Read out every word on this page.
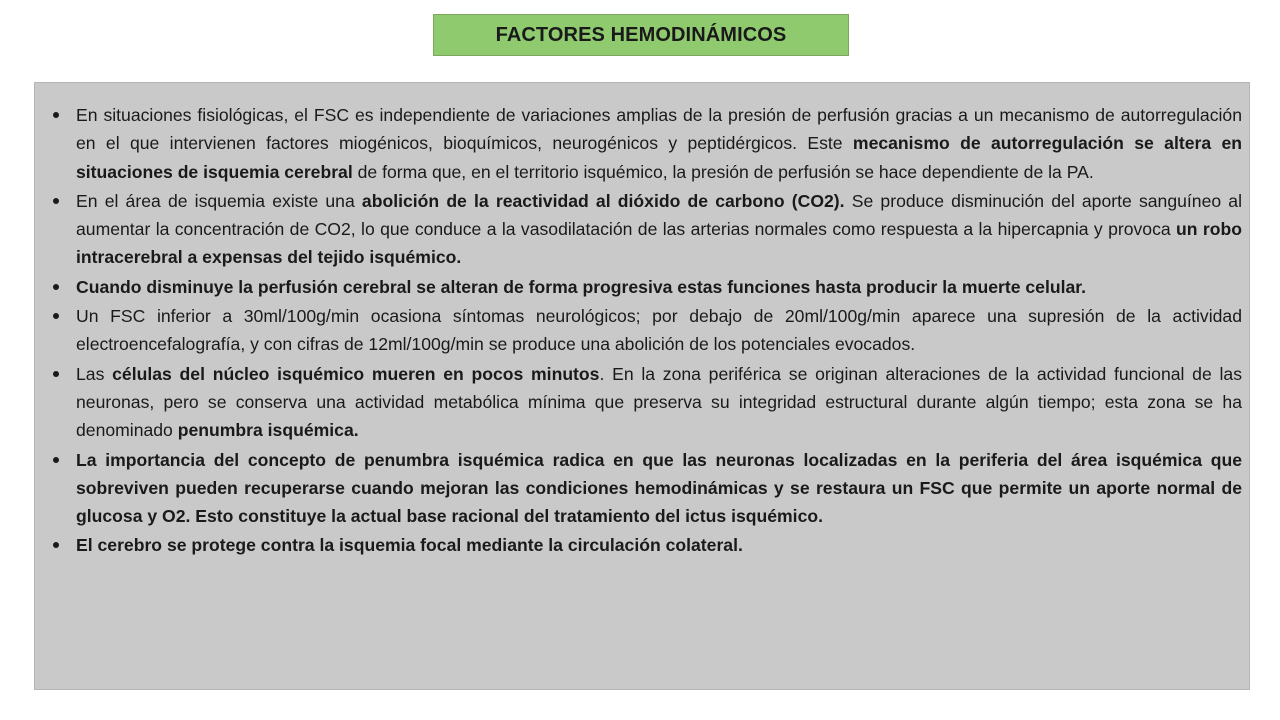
FACTORES HEMODINÁMICOS
En situaciones fisiológicas, el FSC es independiente de variaciones amplias de la presión de perfusión gracias a un mecanismo de autorregulación en el que intervienen factores miogénicos, bioquímicos, neurogénicos y peptidérgicos. Este mecanismo de autorregulación se altera en situaciones de isquemia cerebral de forma que, en el territorio isquémico, la presión de perfusión se hace dependiente de la PA.
En el área de isquemia existe una abolición de la reactividad al dióxido de carbono (CO2). Se produce disminución del aporte sanguíneo al aumentar la concentración de CO2, lo que conduce a la vasodilatación de las arterias normales como respuesta a la hipercapnia y provoca un robo intracerebral a expensas del tejido isquémico.
Cuando disminuye la perfusión cerebral se alteran de forma progresiva estas funciones hasta producir la muerte celular.
Un FSC inferior a 30ml/100g/min ocasiona síntomas neurológicos; por debajo de 20ml/100g/min aparece una supresión de la actividad electroencefalografía, y con cifras de 12ml/100g/min se produce una abolición de los potenciales evocados.
Las células del núcleo isquémico mueren en pocos minutos. En la zona periférica se originan alteraciones de la actividad funcional de las neuronas, pero se conserva una actividad metabólica mínima que preserva su integridad estructural durante algún tiempo; esta zona se ha denominado penumbra isquémica.
La importancia del concepto de penumbra isquémica radica en que las neuronas localizadas en la periferia del área isquémica que sobreviven pueden recuperarse cuando mejoran las condiciones hemodinámicas y se restaura un FSC que permite un aporte normal de glucosa y O2. Esto constituye la actual base racional del tratamiento del ictus isquémico.
El cerebro se protege contra la isquemia focal mediante la circulación colateral.
